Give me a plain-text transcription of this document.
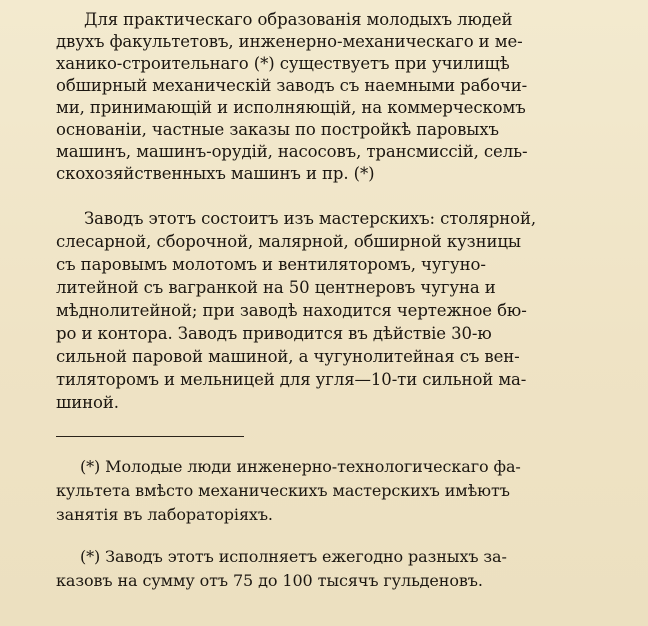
Для практическаго образованія молодыхъ людей
двухъ факультетовъ, инженерно-механическаго и ме-
ханико-строительнаго (*) существуетъ при училищѣ
обширный механическій заводъ съ наемными рабочи-
ми, принимающій и исполняющій, на коммерческомъ
основаніи, частные заказы по постройкѣ паровыхъ
машинъ, машинъ-орудій, насосовъ, трансмиссій, сель-
скохозяйственныхъ машинъ и пр. (*)
Заводъ этотъ состоитъ изъ мастерскихъ: столярной,
слесарной, сборочной, малярной, обширной кузницы
съ паровымъ молотомъ и вентиляторомъ, чугуно-
литейной съ вагранкой на 50 центнеровъ чугуна и
мѣднолитейной; при заводѣ находится чертежное бю-
ро и контора. Заводъ приводится въ дѣйствіе 30-ю
сильной паровой машиной, а чугунолитейная съ вен-
тиляторомъ и мельницей для угля—10-ти сильной ма-
шиной.
(*) Молодые люди инженерно-технологическаго фа-
культета вмѣсто механическихъ мастерскихъ имѣютъ
занятія въ лабораторіяхъ.
(*) Заводъ этотъ исполняетъ ежегодно разныхъ за-
казовъ на сумму отъ 75 до 100 тысячъ гульденовъ.
